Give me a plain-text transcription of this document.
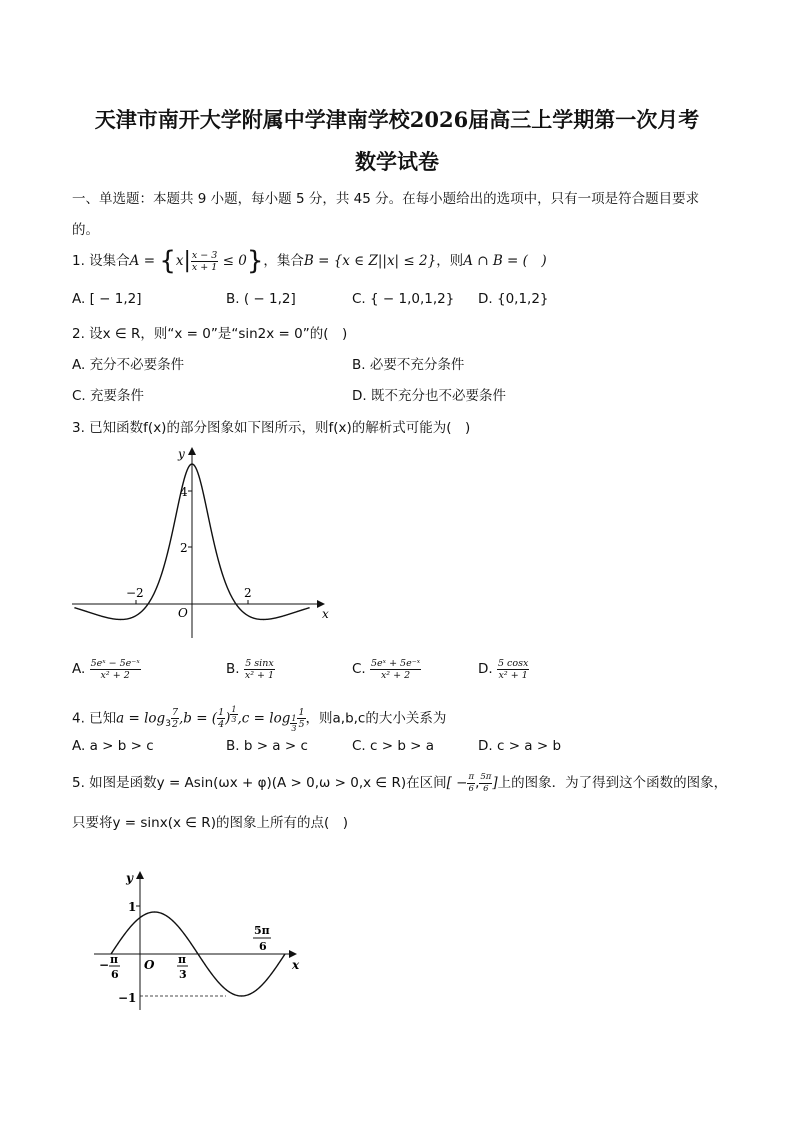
天津市南开大学附属中学津南学校2026届高三上学期第一次月考
数学试卷
一、单选题：本题共 9 小题，每小题 5 分，共 45 分。在每小题给出的选项中，只有一项是符合题目要求
的。
1. 设集合$A = \{x| \frac{x - 3}{x + 1} \le 0\}$，集合B = {x ∈ Z||x| ≤ 2}，则A ∩ B = (　)
A. [ − 1,2]	B. ( − 1,2]	C. { − 1,0,1,2} D. {0,1,2}
2. 设x ∈ R，则“x = 0”是“sin2x = 0”的(　)
A. 充分不必要条件	B. 必要不充分条件
C. 充要条件	D. 既不充分也不必要条件
3. 已知函数f(x)的部分图象如下图所示，则f(x)的解析式可能为(　)
x
y
O
4
2
−2	2
A. $\frac{\text{5eˣ − 5e⁻ˣ}}{\text{x² + 2}}$	B. $\frac{5 \sin x}{\text{x² + 1}}$	C. $\frac{\text{5eˣ + 5e⁻ˣ}}{\text{x² + 2}}$	D. $\frac{5 \cos x}{\text{x² + 1}}$
4. 已知$a = \log_3 \frac{7}{2} ,b$ = ( $\frac{1}{4}$ ) $^{\frac{1}{3}}$ $,c = \log _{\frac{1}{3}} \frac{1}{5}$ ，则a,b,c的大小关系为
A. a > b > c	B. b > a > c	C. c > b > a	D. c > a > b
5. 如图是函数y = Asin(ωx + φ)(A > 0,ω > 0,x ∈ R)在区间[ − $\frac{\pi}{6}$ , $\frac{5\pi}{6}$ ]上的图象．为了得到这个函数的图象，
只要将y = sinx(x ∈ R)的图象上所有的点(　)
x
y
O
1
−1
− π
6
π
3
5π
6
